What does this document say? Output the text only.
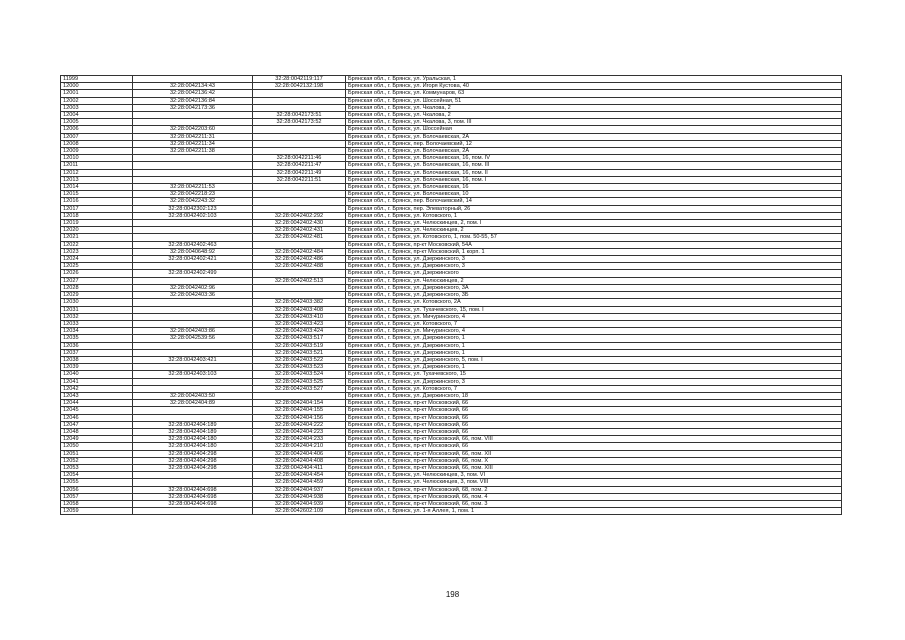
11999		32:28:0042119:117	Брянская обл., г. Брянск, ул. Уральская, 1
12000	32:28:0042134:43	32:28:0042132:198	Брянская обл., г. Брянск, ул. Игоря Кустова, 40
12001	32:28:0042136:42		Брянская обл., г. Брянск, ул. Коммунаров, 63
12002	32:28:0042136:84		Брянская обл., г. Брянск, ул. Шоссейная, 51
12003	32:28:0042173:36		Брянская обл., г. Брянск, ул. Чкалова, 2
12004		32:28:0042173:51	Брянская обл., г. Брянск, ул. Чкалова, 2
12005		32:28:0042173:52	Брянская обл., г. Брянск, ул. Чкалова, 3, пом. III
12006	32:28:0042203:60		Брянская обл., г. Брянск, ул. Шоссейная
12007	32:28:0042211:31		Брянская обл., г. Брянск, ул. Волочаевская, 2А
12008	32:28:0042211:34		Брянская обл., г. Брянск, пер. Волочаевский, 12
12009	32:28:0042211:38		Брянская обл., г. Брянск, ул. Волочаевская, 2А
12010		32:28:0042211:46	Брянская обл., г. Брянск, ул. Волочаевская, 16, пом. IV
12011		32:28:0042211:47	Брянская обл., г. Брянск, ул. Волочаевская, 16, пом. III
12012		32:28:0042211:49	Брянская обл., г. Брянск, ул. Волочаевская, 16, пом. II
12013		32:28:0042211:51	Брянская обл., г. Брянск, ул. Волочаевская, 16, пом. I
12014	32:28:0042211:53		Брянская обл., г. Брянск, ул. Волочаевская, 16
12015	32:28:0042218:23		Брянская обл., г. Брянск, ул. Волочаевская, 10
12016	32:28:0042243:32		Брянская обл., г. Брянск, пер. Волочаевский, 14
12017	32:28:0042302:123		Брянская обл., г. Брянск, пер. Элеваторный, 26
12018	32:28:0042402:103	32:28:0042402:292	Брянская обл., г. Брянск, ул. Котовского, 1
12019		32:28:0042402:430	Брянская обл., г. Брянск, ул. Челюскинцев, 2, пом. I
12020		32:28:0042402:431	Брянская обл., г. Брянск, ул. Челюскинцев, 2
12021		32:28:0042402:481	Брянская обл., г. Брянск, ул. Котовского, 1, пом. 50-55, 57
12022	32:28:0042402:463		Брянская обл., г. Брянск, пр-кт Московский, 54А
12023	32:28:0040648:92	32:28:0042402:484	Брянская обл., г. Брянск, пр-кт Московский, 1 корп. 1
12024	32:28:0042402:421	32:28:0042402:486	Брянская обл., г. Брянск, ул. Дзержинского, 3
12025		32:28:0042402:488	Брянская обл., г. Брянск, ул. Дзержинского, 3
12026	32:28:0042402:499		Брянская обл., г. Брянск, ул. Дзержинского
12027		32:28:0042402:513	Брянская обл., г. Брянск, ул. Челюскинцев, 2
12028	32:28:0042402:96		Брянская обл., г. Брянск, ул. Дзержинского, 3А
12029	32:28:0042403:36		Брянская обл., г. Брянск, ул. Дзержинского, 3Б
12030		32:28:0042403:382	Брянская обл., г. Брянск, ул. Котовского, 2А
12031		32:28:0042403:408	Брянская обл., г. Брянск, ул. Тухачевского, 15, пом. I
12032		32:28:0042403:410	Брянская обл., г. Брянск, ул. Мичуринского, 4
12033		32:28:0042403:423	Брянская обл., г. Брянск, ул. Котовского, 7
12034	32:28:0042403:86	32:28:0042403:424	Брянская обл., г. Брянск, ул. Мичуринского, 4
12035	32:28:0042539:56	32:28:0042403:517	Брянская обл., г. Брянск, ул. Дзержинского, 1
12036		32:28:0042403:519	Брянская обл., г. Брянск, ул. Дзержинского, 1
12037		32:28:0042403:521	Брянская обл., г. Брянск, ул. Дзержинского, 1
12038	32:28:0042403:421	32:28:0042403:522	Брянская обл., г. Брянск, ул. Дзержинского, 5, пом. I
12039		32:28:0042403:523	Брянская обл., г. Брянск, ул. Дзержинского, 1
12040	32:28:0042403:103	32:28:0042403:524	Брянская обл., г. Брянск, ул. Тухачевского, 15
12041		32:28:0042403:525	Брянская обл., г. Брянск, ул. Дзержинского, 3
12042		32:28:0042403:527	Брянская обл., г. Брянск, ул. Котовского, 7
12043	32:28:0042403:50		Брянская обл., г. Брянск, ул. Дзержинского, 18
12044	32:28:0042404:89	32:28:0042404:154	Брянская обл., г. Брянск, пр-кт Московский, 66
12045		32:28:0042404:155	Брянская обл., г. Брянск, пр-кт Московский, 66
12046		32:28:0042404:156	Брянская обл., г. Брянск, пр-кт Московский, 66
12047	32:28:0042404:189	32:28:0042404:222	Брянская обл., г. Брянск, пр-кт Московский, 66
12048	32:28:0042404:189	32:28:0042404:223	Брянская обл., г. Брянск, пр-кт Московский, 66
12049	32:28:0042404:180	32:28:0042404:233	Брянская обл., г. Брянск, пр-кт Московский, 66, пом. VIII
12050	32:28:0042404:180	32:28:0042404:210	Брянская обл., г. Брянск, пр-кт Московский, 66
12051	32:28:0042404:298	32:28:0042404:406	Брянская обл., г. Брянск, пр-кт Московский, 66, пом. XII
12052	32:28:0042404:298	32:28:0042404:408	Брянская обл., г. Брянск, пр-кт Московский, 66, пом. X
12053	32:28:0042404:298	32:28:0042404:411	Брянская обл., г. Брянск, пр-кт Московский, 66, пом. XIII
12054		32:28:0042404:454	Брянская обл., г. Брянск, ул. Челюскинцев, 3, пом. VI
12055		32:28:0042404:459	Брянская обл., г. Брянск, ул. Челюскинцев, 3, пом. VIII
12056	32:28:0042404:698	32:28:0042404:937	Брянская обл., г. Брянск, пр-кт Московский, 68, пом. 2
12057	32:28:0042404:698	32:28:0042404:938	Брянская обл., г. Брянск, пр-кт Московский, 66, пом. 4
12058	32:28:0042404:698	32:28:0042404:939	Брянская обл., г. Брянск, пр-кт Московский, 66, пом. 3
12059		32:28:0042602:109	Брянская обл., г. Брянск, ул. 1-я Аллея, 1, пом. 1
198
